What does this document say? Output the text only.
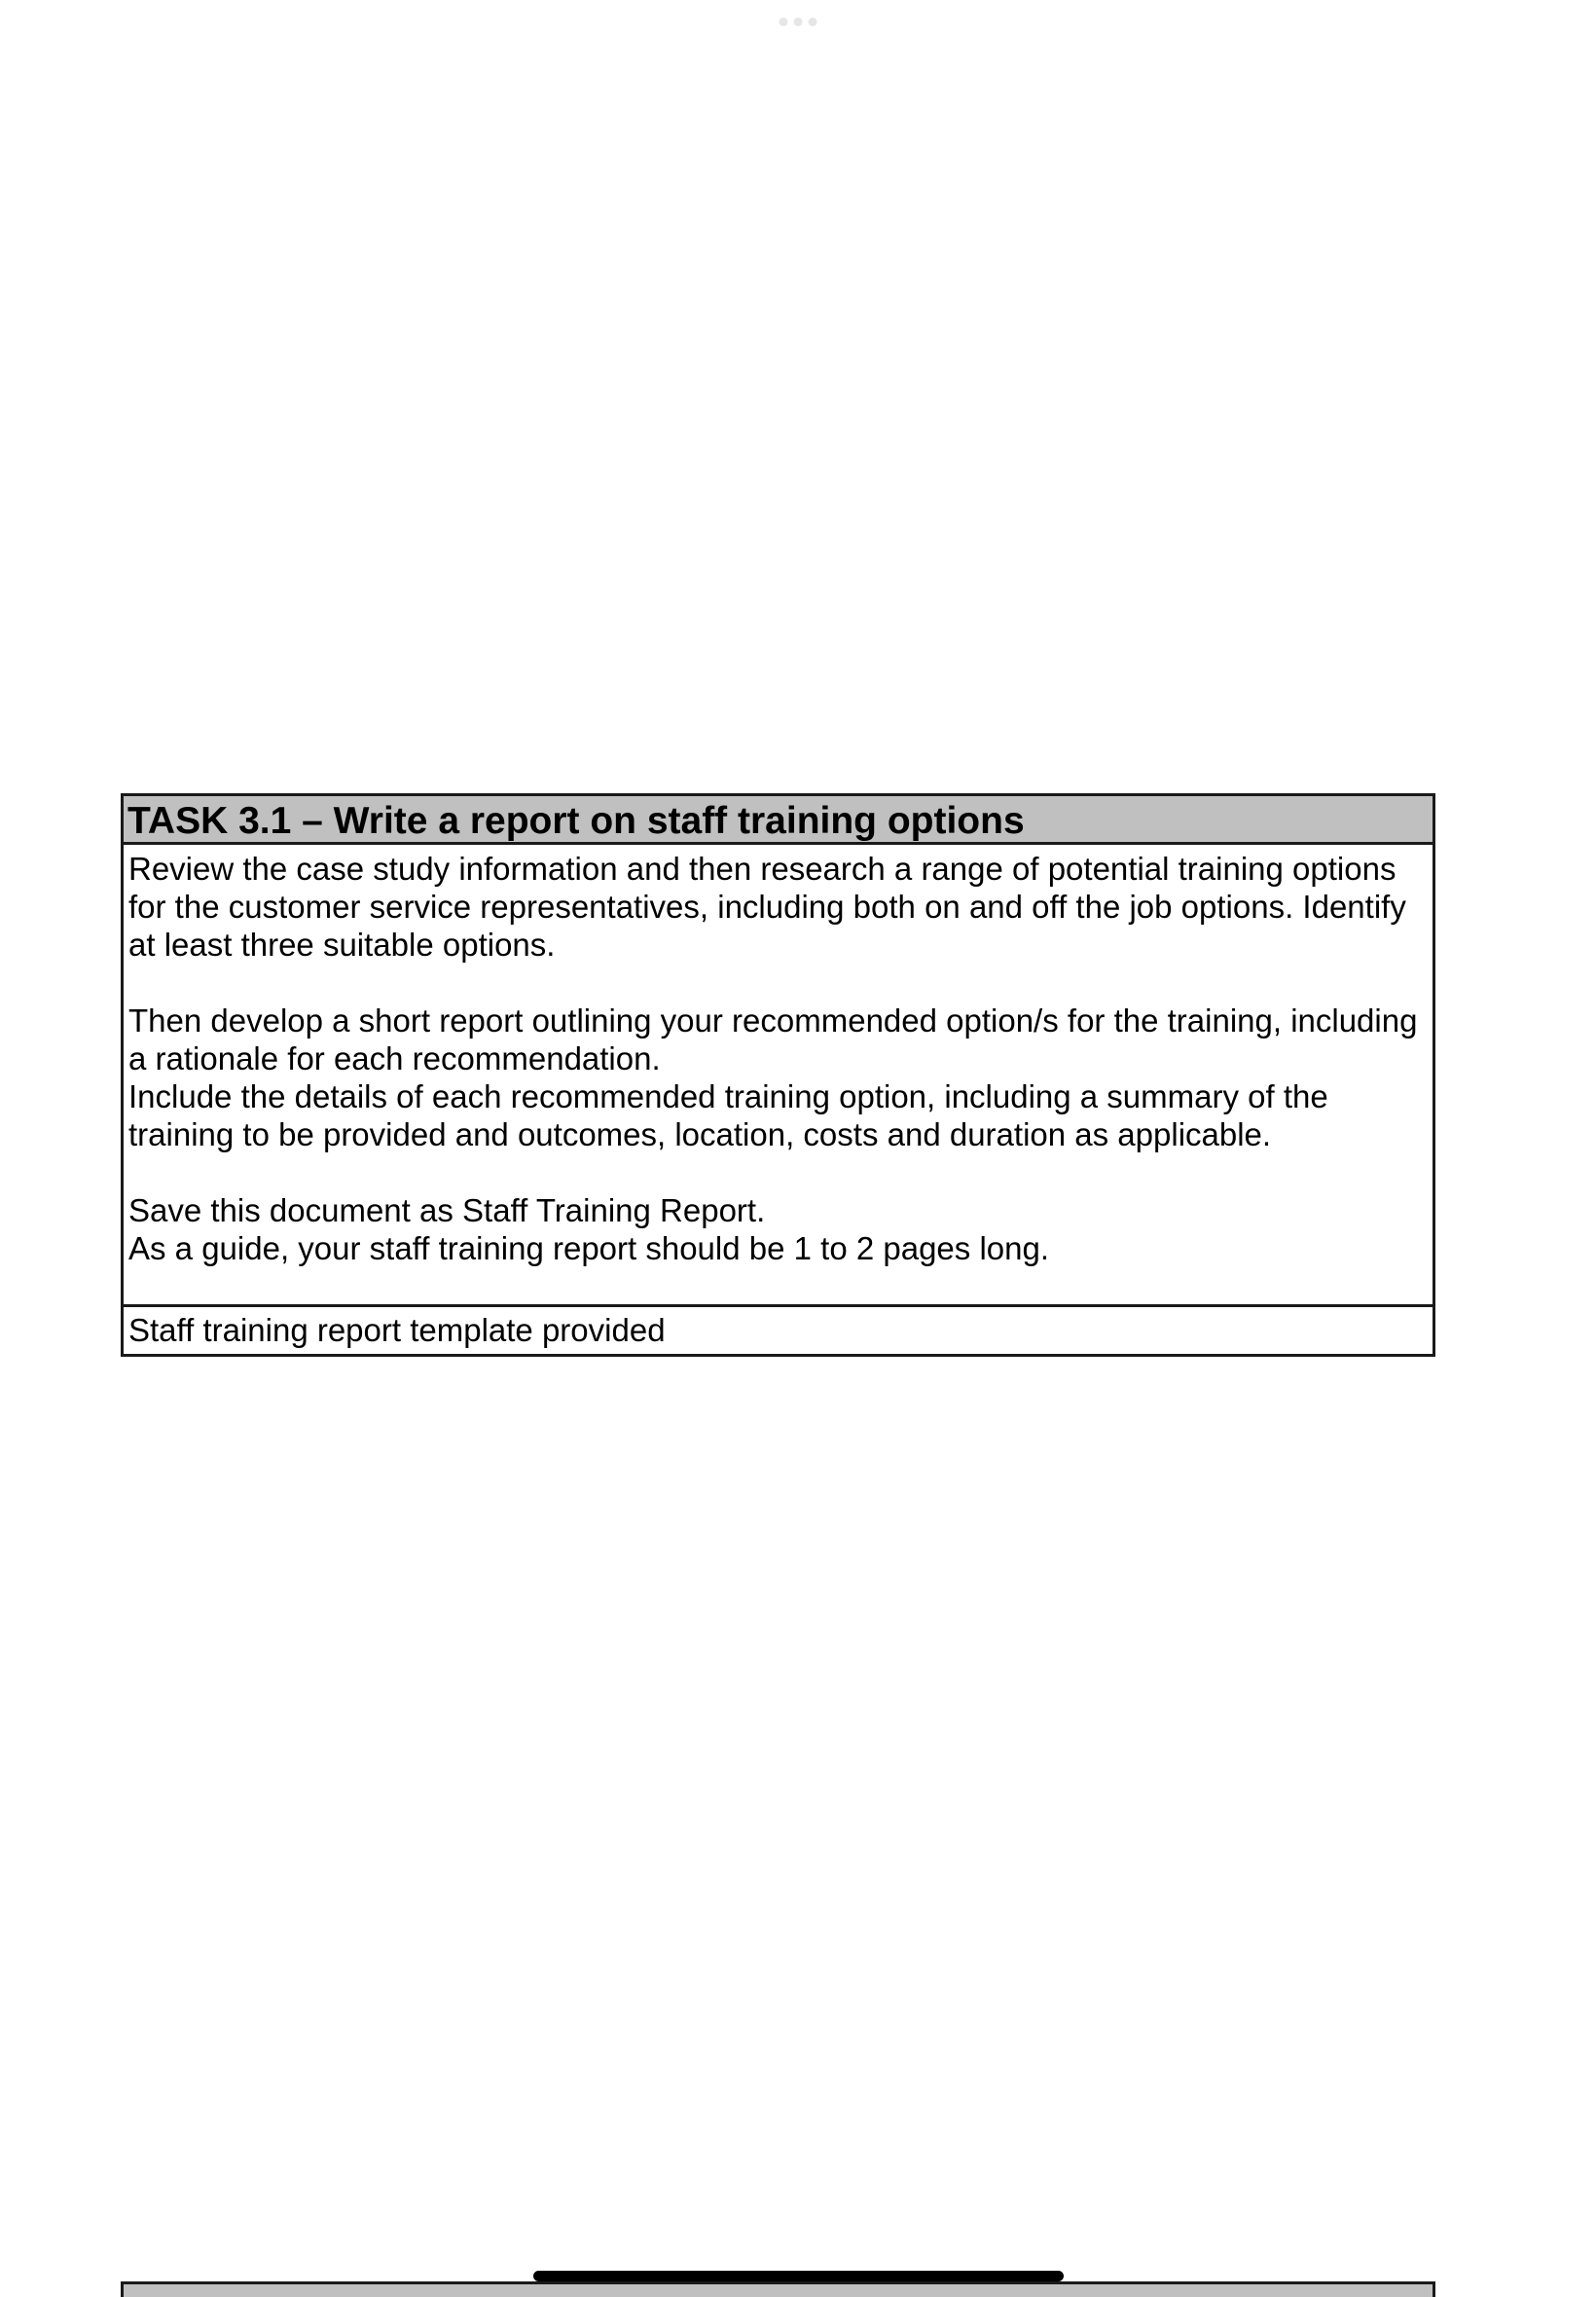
TASK 3.1 – Write a report on staff training options

Review the case study information and then research a range of potential training options for the customer service representatives, including both on and off the job options. Identify at least three suitable options.

Then develop a short report outlining your recommended option/s for the training, including a rationale for each recommendation.

Include the details of each recommended training option, including a summary of the training to be provided and outcomes, location, costs and duration as applicable.

Save this document as Staff Training Report.

As a guide, your staff training report should be 1 to 2 pages long.

Staff training report template provided
